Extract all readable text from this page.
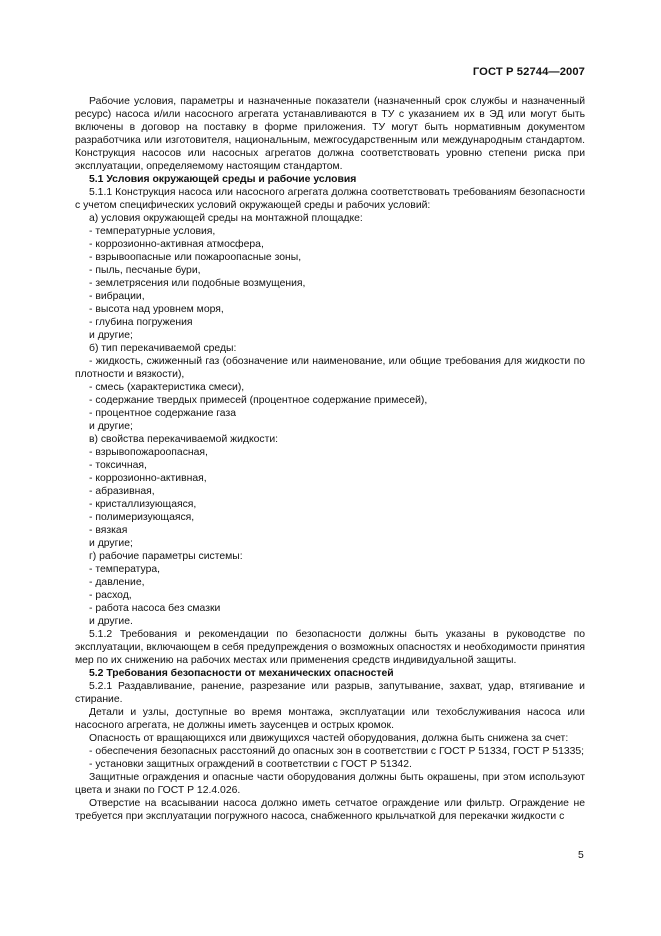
ГОСТ Р 52744—2007

Рабочие условия, параметры и назначенные показатели (назначенный срок службы и назначенный ресурс) насоса и/или насосного агрегата устанавливаются в ТУ с указанием их в ЭД или могут быть включены в договор на поставку в форме приложения. ТУ могут быть нормативным документом разработчика или изготовителя, национальным, межгосударственным или международным стандартом. Конструкция насосов или насосных агрегатов должна соответствовать уровню степени риска при эксплуатации, определяемому настоящим стандартом.

5.1 Условия окружающей среды и рабочие условия

5.1.1 Конструкция насоса или насосного агрегата должна соответствовать требованиям безопасности с учетом специфических условий окружающей среды и рабочих условий:

а) условия окружающей среды на монтажной площадке:

- температурные условия,

- коррозионно-активная атмосфера,

- взрывоопасные или пожароопасные зоны,

- пыль, песчаные бури,

- землетрясения или подобные возмущения,

- вибрации,

- высота над уровнем моря,

- глубина погружения

и другие;

б) тип перекачиваемой среды:

- жидкость, сжиженный газ (обозначение или наименование, или общие требования для жидкости по плотности и вязкости),

- смесь (характеристика смеси),

- содержание твердых примесей (процентное содержание примесей),

- процентное содержание газа

и другие;

в) свойства перекачиваемой жидкости:

- взрывопожароопасная,

- токсичная,

- коррозионно-активная,

- абразивная,

- кристаллизующаяся,

- полимеризующаяся,

- вязкая

и другие;

г) рабочие параметры системы:

- температура,

- давление,

- расход,

- работа насоса без смазки

и другие.

5.1.2 Требования и рекомендации по безопасности должны быть указаны в руководстве по эксплуатации, включающем в себя предупреждения о возможных опасностях и необходимости принятия мер по их снижению на рабочих местах или применения средств индивидуальной защиты.

5.2 Требования безопасности от механических опасностей

5.2.1 Раздавливание, ранение, разрезание или разрыв, запутывание, захват, удар, втягивание и стирание.

Детали и узлы, доступные во время монтажа, эксплуатации или техобслуживания насоса или насосного агрегата, не должны иметь заусенцев и острых кромок.

Опасность от вращающихся или движущихся частей оборудования, должна быть снижена за счет:

- обеспечения безопасных расстояний до опасных зон в соответствии с ГОСТ Р 51334, ГОСТ Р 51335;

- установки защитных ограждений в соответствии с ГОСТ Р 51342.

Защитные ограждения и опасные части оборудования должны быть окрашены, при этом используют цвета и знаки по ГОСТ Р 12.4.026.

Отверстие на всасывании насоса должно иметь сетчатое ограждение или фильтр. Ограждение не требуется при эксплуатации погружного насоса, снабженного крыльчаткой для перекачки жидкости с

5
